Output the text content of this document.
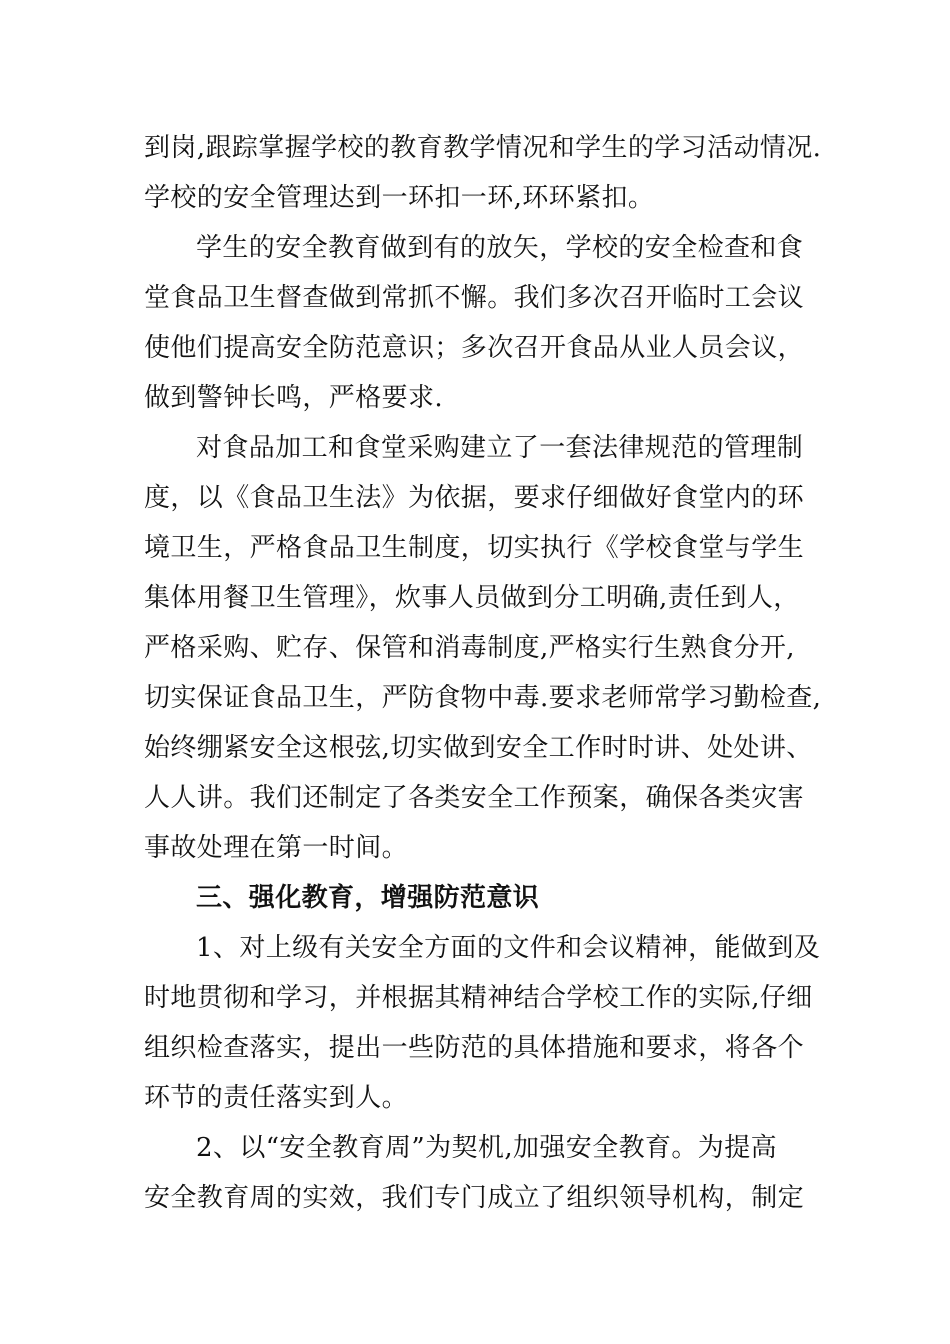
到岗,跟踪掌握学校的教育教学情况和学生的学习活动情况.

学校的安全管理达到一环扣一环,环环紧扣。

学生的安全教育做到有的放矢，学校的安全检查和食

堂食品卫生督查做到常抓不懈。我们多次召开临时工会议

使他们提高安全防范意识；多次召开食品从业人员会议，

做到警钟长鸣，严格要求.

对食品加工和食堂采购建立了一套法律规范的管理制

度，以《食品卫生法》为依据，要求仔细做好食堂内的环

境卫生，严格食品卫生制度，切实执行《学校食堂与学生

集体用餐卫生管理》，炊事人员做到分工明确,责任到人，

严格采购、贮存、保管和消毒制度,严格实行生熟食分开,

切实保证食品卫生，严防食物中毒.要求老师常学习勤检查,

始终绷紧安全这根弦,切实做到安全工作时时讲、处处讲、

人人讲。我们还制定了各类安全工作预案，确保各类灾害

事故处理在第一时间。

三、强化教育，增强防范意识

1、对上级有关安全方面的文件和会议精神，能做到及

时地贯彻和学习，并根据其精神结合学校工作的实际,仔细

组织检查落实，提出一些防范的具体措施和要求，将各个

环节的责任落实到人。

2、以“安全教育周”为契机,加强安全教育。为提高

安全教育周的实效，我们专门成立了组织领导机构，制定
